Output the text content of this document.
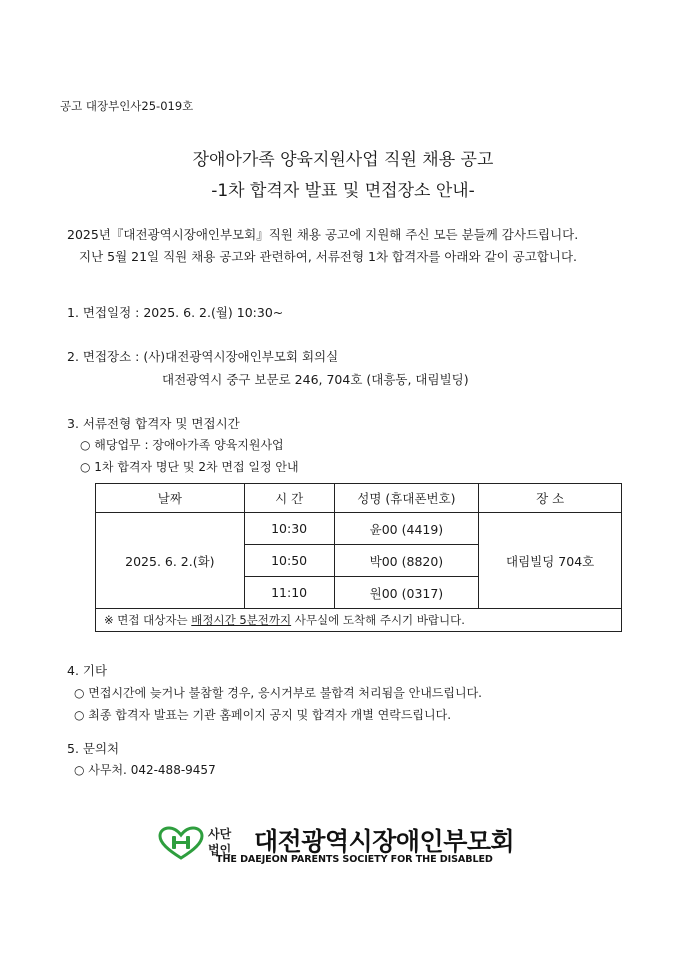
공고 대장부인사25-019호
장애아가족 양육지원사업 직원 채용 공고
-1차 합격자 발표 및 면접장소 안내-
2025년『대전광역시장애인부모회』직원 채용 공고에 지원해 주신 모든 분들께 감사드립니다.
지난 5월 21일 직원 채용 공고와 관련하여, 서류전형 1차 합격자를 아래와 같이 공고합니다.
1. 면접일정 : 2025. 6. 2.(월) 10:30~
2. 면접장소 : (사)대전광역시장애인부모회 회의실
대전광역시 중구 보문로 246, 704호 (대흥동, 대림빌딩)
3. 서류전형 합격자 및 면접시간
○ 해당업무 : 장애아가족 양육지원사업
○ 1차 합격자 명단 및 2차 면접 일정 안내
날짜	시 간	성명 (휴대폰번호)	장 소
2025. 6. 2.(화)	10:30	윤00 (4419)	대림빌딩 704호
	10:50	박00 (8820)	
	11:10	원00 (0317)	
※ 면접 대상자는 배정시간 5분전까지 사무실에 도착해 주시기 바랍니다.			
4. 기타
○ 면접시간에 늦거나 불참할 경우, 응시거부로 불합격 처리됨을 안내드립니다.
○ 최종 합격자 발표는 기관 홈페이지 공지 및 합격자 개별 연락드립니다.
5. 문의처
○ 사무처. 042-488-9457
사단
법인 대전광역시장애인부모회
THE DAEJEON PARENTS SOCIETY FOR THE DISABLED
